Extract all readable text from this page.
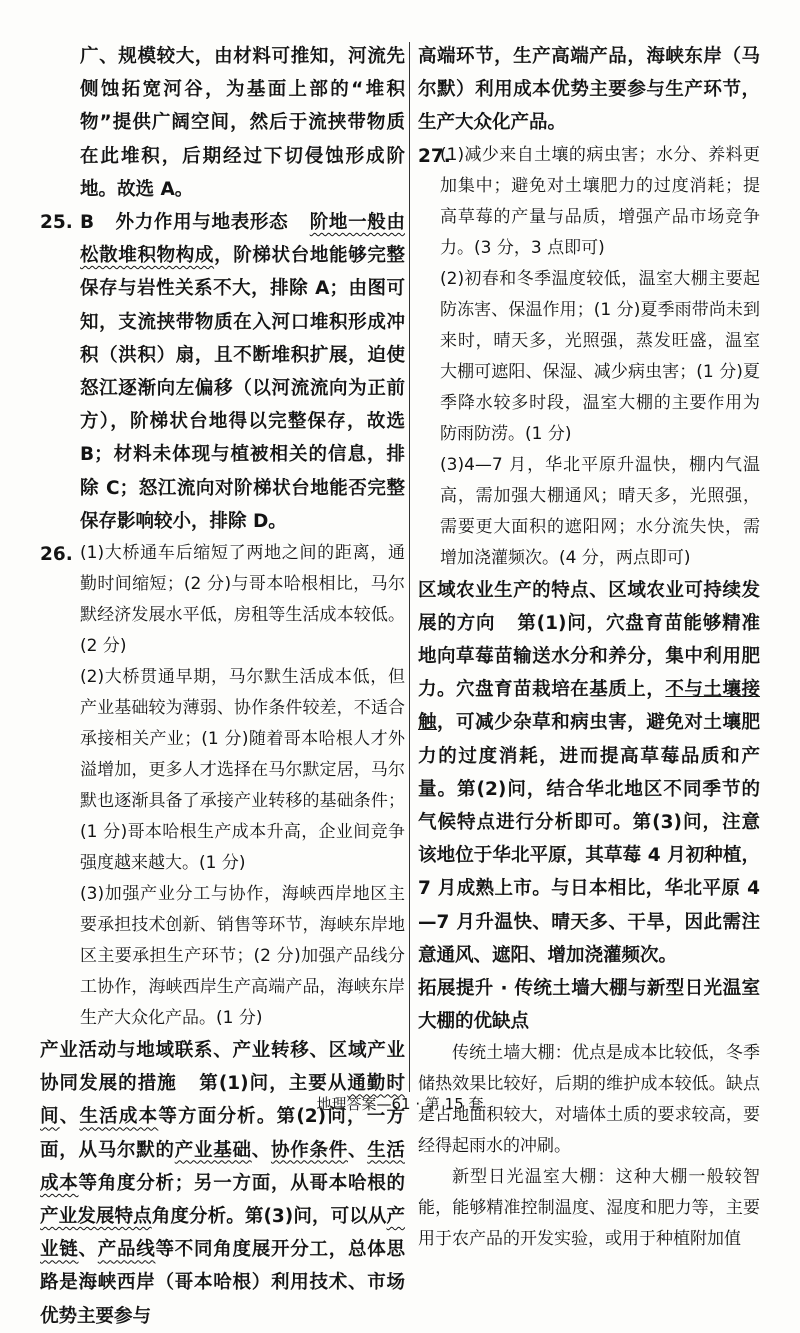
广、规模较大，由材料可推知，河流先侧蚀拓宽河谷，为基面上部的“堆积物”提供广阔空间，然后于流挟带物质在此堆积，后期经过下切侵蚀形成阶地。故选 A。

25. B 外力作用与地表形态 阶地一般由松散堆积物构成，阶梯状台地能够完整保存与岩性关系不大，排除 A；由图可知，支流挟带物质在入河口堆积形成冲积（洪积）扇，且不断堆积扩展，迫使怒江逐渐向左偏移（以河流流向为正前方），阶梯状台地得以完整保存，故选 B；材料未体现与植被相关的信息，排除 C；怒江流向对阶梯状台地能否完整保存影响较小，排除 D。

26. (1)大桥通车后缩短了两地之间的距离，通勤时间缩短；(2 分)与哥本哈根相比，马尔默经济发展水平低，房租等生活成本较低。(2 分)

(2)大桥贯通早期，马尔默生活成本低，但产业基础较为薄弱、协作条件较差，不适合承接相关产业；(1 分)随着哥本哈根人才外溢增加，更多人才选择在马尔默定居，马尔默也逐渐具备了承接产业转移的基础条件；(1 分)哥本哈根生产成本升高，企业间竞争强度越来越大。(1 分)

(3)加强产业分工与协作，海峡西岸地区主要承担技术创新、销售等环节，海峡东岸地区主要承担生产环节；(2 分)加强产品线分工协作，海峡西岸生产高端产品，海峡东岸生产大众化产品。(1 分)

产业活动与地域联系、产业转移、区域产业协同发展的措施 第(1)问，主要从通勤时间、生活成本等方面分析。第(2)问，一方面，从马尔默的产业基础、协作条件、生活成本等角度分析；另一方面，从哥本哈根的产业发展特点角度分析。第(3)问，可以从产业链、产品线等不同角度展开分工，总体思路是海峡西岸（哥本哈根）利用技术、市场优势主要参与

高端环节，生产高端产品，海峡东岸（马尔默）利用成本优势主要参与生产环节，生产大众化产品。

27.

(1)减少来自土壤的病虫害；水分、养料更加集中；避免对土壤肥力的过度消耗；提高草莓的产量与品质，增强产品市场竞争力。(3 分，3 点即可)

(2)初春和冬季温度较低，温室大棚主要起防冻害、保温作用；(1 分)夏季雨带尚未到来时，晴天多，光照强，蒸发旺盛，温室大棚可遮阳、保湿、减少病虫害；(1 分)夏季降水较多时段，温室大棚的主要作用为防雨防涝。(1 分)

(3)4—7 月，华北平原升温快，棚内气温高，需加强大棚通风；晴天多，光照强，需要更大面积的遮阳网；水分流失快，需增加浇灌频次。(4 分，两点即可)

区域农业生产的特点、区域农业可持续发展的方向 第(1)问，穴盘育苗能够精准地向草莓苗输送水分和养分，集中利用肥力。穴盘育苗栽培在基质上，不与土壤接触，可减少杂草和病虫害，避免对土壤肥力的过度消耗，进而提高草莓品质和产量。第(2)问，结合华北地区不同季节的气候特点进行分析即可。第(3)问，注意该地位于华北平原，其草莓 4 月初种植，7 月成熟上市。与日本相比，华北平原 4—7 月升温快、晴天多、干旱，因此需注意通风、遮阳、增加浇灌频次。

拓展提升 · 传统土墙大棚与新型日光温室大棚的优缺点

传统土墙大棚：优点是成本比较低，冬季储热效果比较好，后期的维护成本较低。缺点是占地面积较大，对墙体土质的要求较高，要经得起雨水的冲刷。

新型日光温室大棚：这种大棚一般较智能，能够精准控制温度、湿度和肥力等，主要用于农产品的开发实验，或用于种植附加值

地理答案—61 · 第 15 套
